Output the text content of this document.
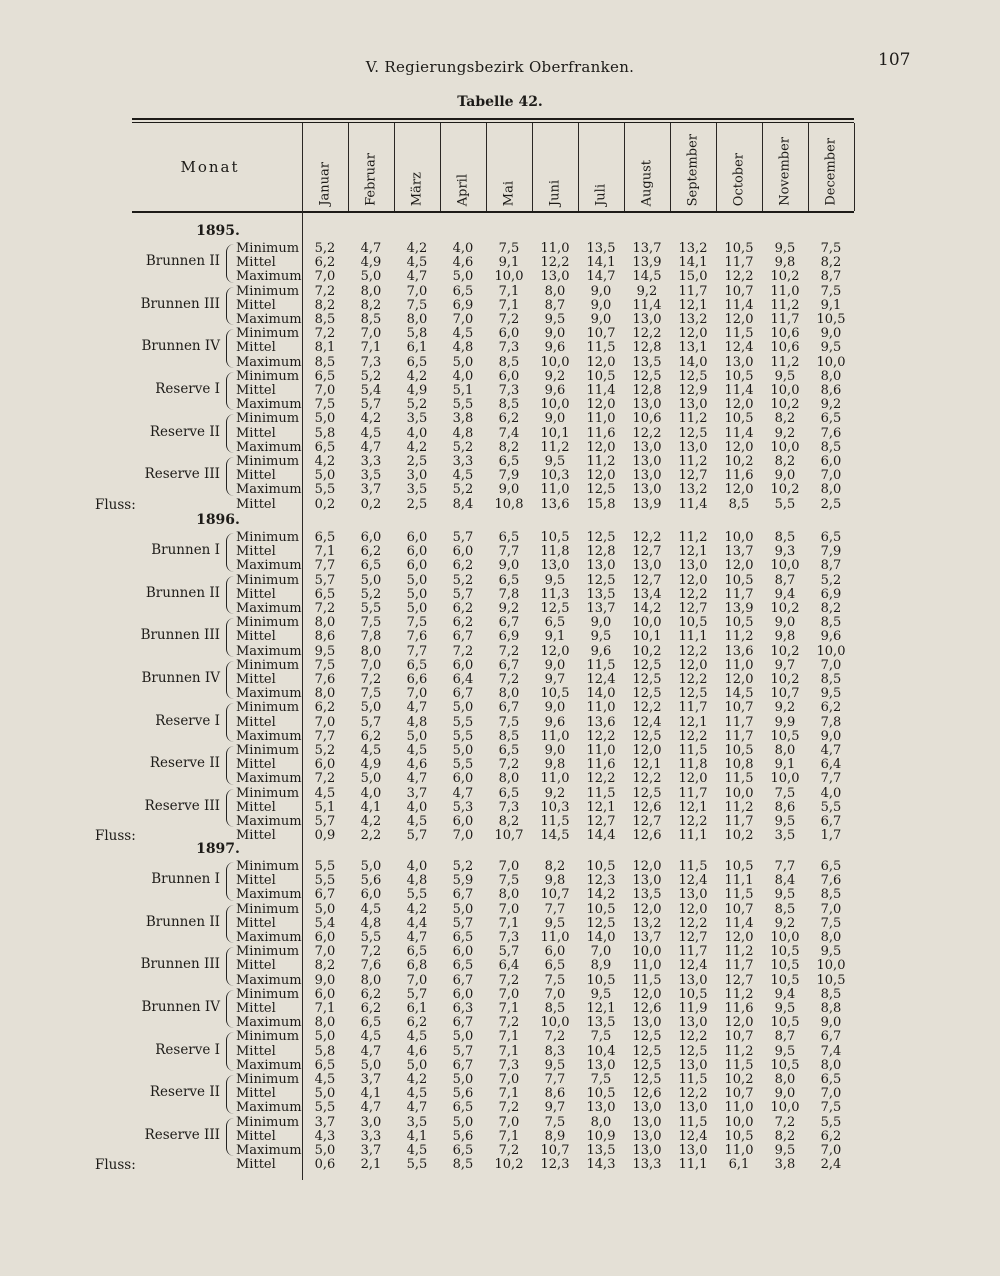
V. Regierungsbezirk Oberfranken.	107
Tabelle 42.
Monat	Januar Februar März April Mai Juni Juli August September October November December
1895.
Brunnen II
Minimum	5,2	4,7	4,2	4,0	7,5	11,0	13,5	13,7	13,2	10,5	9,5	7,5
Mittel	6,2	4,9	4,5	4,6	9,1	12,2	14,1	13,9	14,1	11,7	9,8	8,2
Maximum	7,0	5,0	4,7	5,0	10,0	13,0	14,7	14,5	15,0	12,2	10,2	8,7
Brunnen III
Minimum	7,2	8,0	7,0	6,5	7,1	8,0	9,0	9,2	11,7	10,7	11,0	7,5
Mittel	8,2	8,2	7,5	6,9	7,1	8,7	9,0	11,4	12,1	11,4	11,2	9,1
Maximum	8,5	8,5	8,0	7,0	7,2	9,5	9,0	13,0	13,2	12,0	11,7	10,5
Brunnen IV
Minimum	7,2	7,0	5,8	4,5	6,0	9,0	10,7	12,2	12,0	11,5	10,6	9,0
Mittel	8,1	7,1	6,1	4,8	7,3	9,6	11,5	12,8	13,1	12,4	10,6	9,5
Maximum	8,5	7,3	6,5	5,0	8,5	10,0	12,0	13,5	14,0	13,0	11,2	10,0
Reserve I
Minimum	6,5	5,2	4,2	4,0	6,0	9,2	10,5	12,5	12,5	10,5	9,5	8,0
Mittel	7,0	5,4	4,9	5,1	7,3	9,6	11,4	12,8	12,9	11,4	10,0	8,6
Maximum	7,5	5,7	5,2	5,5	8,5	10,0	12,0	13,0	13,0	12,0	10,2	9,2
Reserve II
Minimum	5,0	4,2	3,5	3,8	6,2	9,0	11,0	10,6	11,2	10,5	8,2	6,5
Mittel	5,8	4,5	4,0	4,8	7,4	10,1	11,6	12,2	12,5	11,4	9,2	7,6
Maximum	6,5	4,7	4,2	5,2	8,2	11,2	12,0	13,0	13,0	12,0	10,0	8,5
Reserve III
Minimum	4,2	3,3	2,5	3,3	6,5	9,5	11,2	13,0	11,2	10,2	8,2	6,0
Mittel	5,0	3,5	3,0	4,5	7,9	10,3	12,0	13,0	12,7	11,6	9,0	7,0
Maximum	5,5	3,7	3,5	5,2	9,0	11,0	12,5	13,0	13,2	12,0	10,2	8,0
Fluss:	Mittel	0,2	0,2	2,5	8,4	10,8	13,6	15,8	13,9	11,4	8,5	5,5	2,5
1896.
Brunnen I
Minimum	6,5	6,0	6,0	5,7	6,5	10,5	12,5	12,2	11,2	10,0	8,5	6,5
Mittel	7,1	6,2	6,0	6,0	7,7	11,8	12,8	12,7	12,1	13,7	9,3	7,9
Maximum	7,7	6,5	6,0	6,2	9,0	13,0	13,0	13,0	13,0	12,0	10,0	8,7
Brunnen II
Minimum	5,7	5,0	5,0	5,2	6,5	9,5	12,5	12,7	12,0	10,5	8,7	5,2
Mittel	6,5	5,2	5,0	5,7	7,8	11,3	13,5	13,4	12,2	11,7	9,4	6,9
Maximum	7,2	5,5	5,0	6,2	9,2	12,5	13,7	14,2	12,7	13,9	10,2	8,2
Brunnen III
Minimum	8,0	7,5	7,5	6,2	6,7	6,5	9,0	10,0	10,5	10,5	9,0	8,5
Mittel	8,6	7,8	7,6	6,7	6,9	9,1	9,5	10,1	11,1	11,2	9,8	9,6
Maximum	9,5	8,0	7,7	7,2	7,2	12,0	9,6	10,2	12,2	13,6	10,2	10,0
Brunnen IV
Minimum	7,5	7,0	6,5	6,0	6,7	9,0	11,5	12,5	12,0	11,0	9,7	7,0
Mittel	7,6	7,2	6,6	6,4	7,2	9,7	12,4	12,5	12,2	12,0	10,2	8,5
Maximum	8,0	7,5	7,0	6,7	8,0	10,5	14,0	12,5	12,5	14,5	10,7	9,5
Reserve I
Minimum	6,2	5,0	4,7	5,0	6,7	9,0	11,0	12,2	11,7	10,7	9,2	6,2
Mittel	7,0	5,7	4,8	5,5	7,5	9,6	13,6	12,4	12,1	11,7	9,9	7,8
Maximum	7,7	6,2	5,0	5,5	8,5	11,0	12,2	12,5	12,2	11,7	10,5	9,0
Reserve II
Minimum	5,2	4,5	4,5	5,0	6,5	9,0	11,0	12,0	11,5	10,5	8,0	4,7
Mittel	6,0	4,9	4,6	5,5	7,2	9,8	11,6	12,1	11,8	10,8	9,1	6,4
Maximum	7,2	5,0	4,7	6,0	8,0	11,0	12,2	12,2	12,0	11,5	10,0	7,7
Reserve III
Minimum	4,5	4,0	3,7	4,7	6,5	9,2	11,5	12,5	11,7	10,0	7,5	4,0
Mittel	5,1	4,1	4,0	5,3	7,3	10,3	12,1	12,6	12,1	11,2	8,6	5,5
Maximum	5,7	4,2	4,5	6,0	8,2	11,5	12,7	12,7	12,2	11,7	9,5	6,7
Fluss:	Mittel	0,9	2,2	5,7	7,0	10,7	14,5	14,4	12,6	11,1	10,2	3,5	1,7
1897.
Brunnen I
Minimum	5,5	5,0	4,0	5,2	7,0	8,2	10,5	12,0	11,5	10,5	7,7	6,5
Mittel	5,5	5,6	4,8	5,9	7,5	9,8	12,3	13,0	12,4	11,1	8,4	7,6
Maximum	6,7	6,0	5,5	6,7	8,0	10,7	14,2	13,5	13,0	11,5	9,5	8,5
Brunnen II
Minimum	5,0	4,5	4,2	5,0	7,0	7,7	10,5	12,0	12,0	10,7	8,5	7,0
Mittel	5,4	4,8	4,4	5,7	7,1	9,5	12,5	13,2	12,2	11,4	9,2	7,5
Maximum	6,0	5,5	4,7	6,5	7,3	11,0	14,0	13,7	12,7	12,0	10,0	8,0
Brunnen III
Minimum	7,0	7,2	6,5	6,0	5,7	6,0	7,0	10,0	11,7	11,2	10,5	9,5
Mittel	8,2	7,6	6,8	6,5	6,4	6,5	8,9	11,0	12,4	11,7	10,5	10,0
Maximum	9,0	8,0	7,0	6,7	7,2	7,5	10,5	11,5	13,0	12,7	10,5	10,5
Brunnen IV
Minimum	6,0	6,2	5,7	6,0	7,0	7,0	9,5	12,0	10,5	11,2	9,4	8,5
Mittel	7,1	6,2	6,1	6,3	7,1	8,5	12,1	12,6	11,9	11,6	9,5	8,8
Maximum	8,0	6,5	6,2	6,7	7,2	10,0	13,5	13,0	13,0	12,0	10,5	9,0
Reserve I
Minimum	5,0	4,5	4,5	5,0	7,1	7,2	7,5	12,5	12,2	10,7	8,7	6,7
Mittel	5,8	4,7	4,6	5,7	7,1	8,3	10,4	12,5	12,5	11,2	9,5	7,4
Maximum	6,5	5,0	5,0	6,7	7,3	9,5	13,0	12,5	13,0	11,5	10,5	8,0
Reserve II
Minimum	4,5	3,7	4,2	5,0	7,0	7,7	7,5	12,5	11,5	10,2	8,0	6,5
Mittel	5,0	4,1	4,5	5,6	7,1	8,6	10,5	12,6	12,2	10,7	9,0	7,0
Maximum	5,5	4,7	4,7	6,5	7,2	9,7	13,0	13,0	13,0	11,0	10,0	7,5
Reserve III
Minimum	3,7	3,0	3,5	5,0	7,0	7,5	8,0	13,0	11,5	10,0	7,2	5,5
Mittel	4,3	3,3	4,1	5,6	7,1	8,9	10,9	13,0	12,4	10,5	8,2	6,2
Maximum	5,0	3,7	4,5	6,5	7,2	10,7	13,5	13,0	13,0	11,0	9,5	7,0
Fluss:	Mittel	0,6	2,1	5,5	8,5	10,2	12,3	14,3	13,3	11,1	6,1	3,8	2,4
